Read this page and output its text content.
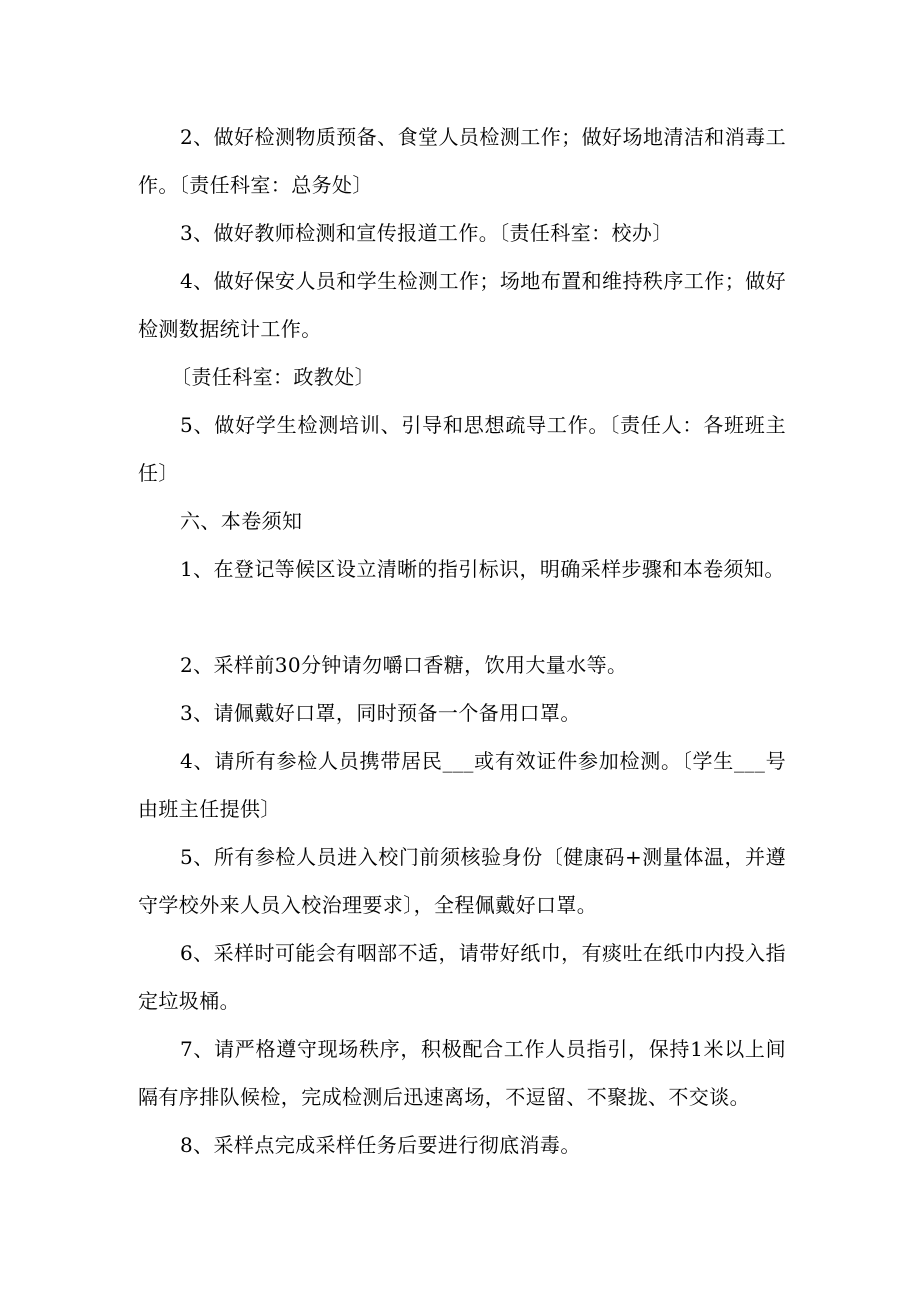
2、做好检测物质预备、食堂人员检测工作；做好场地清洁和消毒工作。〔责任科室：总务处〕

3、做好教师检测和宣传报道工作。〔责任科室：校办〕

4、做好保安人员和学生检测工作；场地布置和维持秩序工作；做好检测数据统计工作。

〔责任科室：政教处〕

5、做好学生检测培训、引导和思想疏导工作。〔责任人：各班班主任〕

六、本卷须知

1、在登记等候区设立清晰的指引标识，明确采样步骤和本卷须知。

2、采样前30分钟请勿嚼口香糖，饮用大量水等。

3、请佩戴好口罩，同时预备一个备用口罩。

4、请所有参检人员携带居民___或有效证件参加检测。〔学生___号由班主任提供〕

5、所有参检人员进入校门前须核验身份〔健康码+测量体温，并遵守学校外来人员入校治理要求〕，全程佩戴好口罩。

6、采样时可能会有咽部不适，请带好纸巾，有痰吐在纸巾内投入指定垃圾桶。

7、请严格遵守现场秩序，积极配合工作人员指引，保持1米以上间隔有序排队候检，完成检测后迅速离场，不逗留、不聚拢、不交谈。

8、采样点完成采样任务后要进行彻底消毒。
